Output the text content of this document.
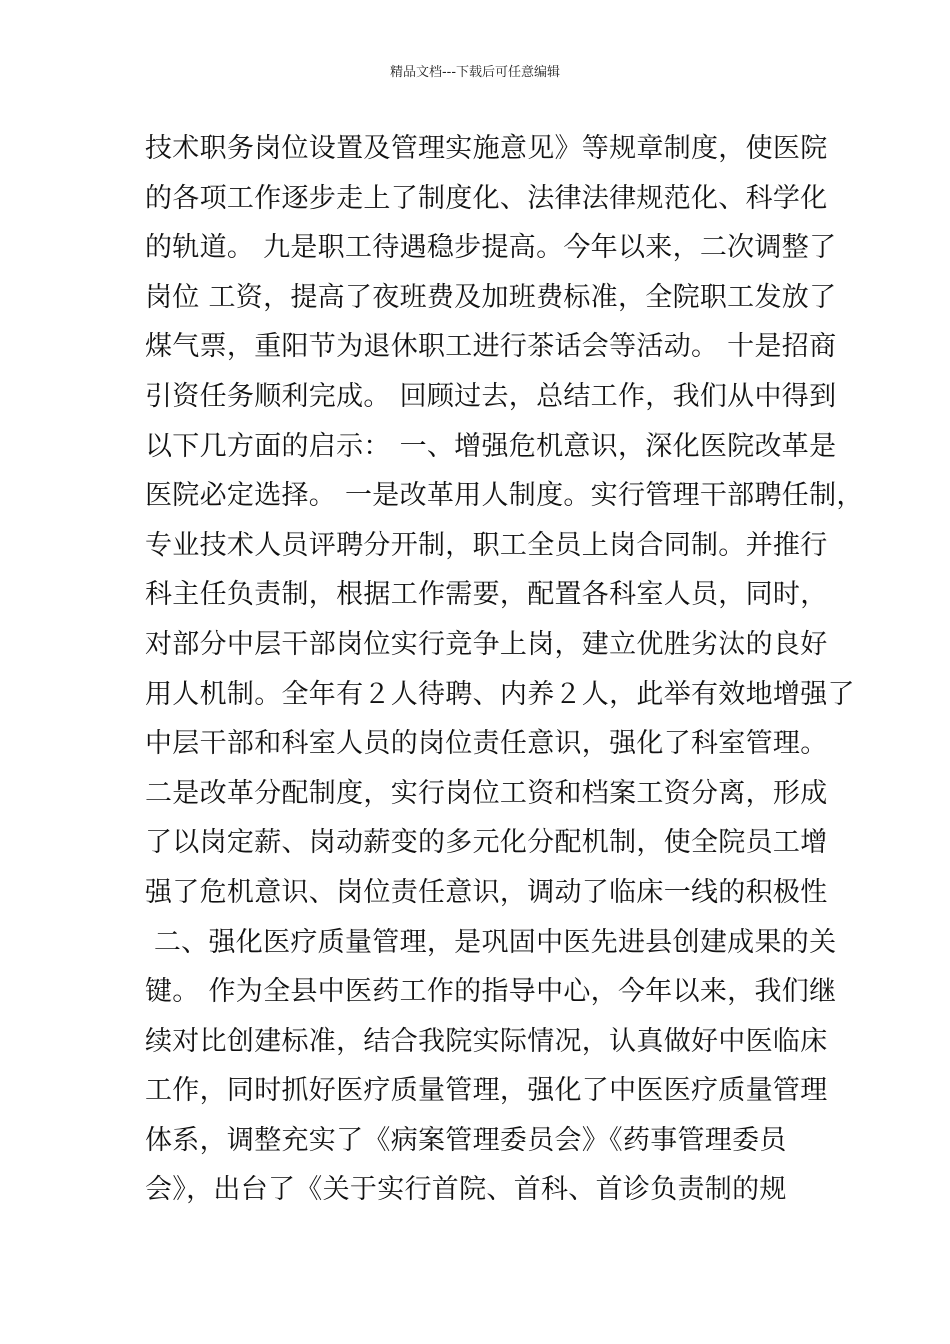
精品文档---下载后可任意编辑
技术职务岗位设置及管理实施意见》等规章制度，使医院
的各项工作逐步走上了制度化、法律法律规范化、科学化
的轨道。 九是职工待遇稳步提高。今年以来，二次调整了
岗位 工资，提高了夜班费及加班费标准，全院职工发放了
煤气票，重阳节为退休职工进行茶话会等活动。 十是招商
引资任务顺利完成。 回顾过去，总结工作，我们从中得到
以下几方面的启示： 一、增强危机意识，深化医院改革是
医院必定选择。 一是改革用人制度。实行管理干部聘任制，
专业技术人员评聘分开制，职工全员上岗合同制。并推行
科主任负责制，根据工作需要，配置各科室人员，同时，
对部分中层干部岗位实行竞争上岗，建立优胜劣汰的良好
用人机制。全年有２人待聘、内养２人，此举有效地增强了
中层干部和科室人员的岗位责任意识，强化了科室管理。
二是改革分配制度，实行岗位工资和档案工资分离，形成
了以岗定薪、岗动薪变的多元化分配机制，使全院员工增
强了危机意识、岗位责任意识，调动了临床一线的积极性
二、强化医疗质量管理，是巩固中医先进县创建成果的关
键。 作为全县中医药工作的指导中心，今年以来，我们继
续对比创建标准，结合我院实际情况，认真做好中医临床
工作，同时抓好医疗质量管理，强化了中医医疗质量管理
体系，调整充实了《病案管理委员会》《药事管理委员
会》，出台了《关于实行首院、首科、首诊负责制的规
